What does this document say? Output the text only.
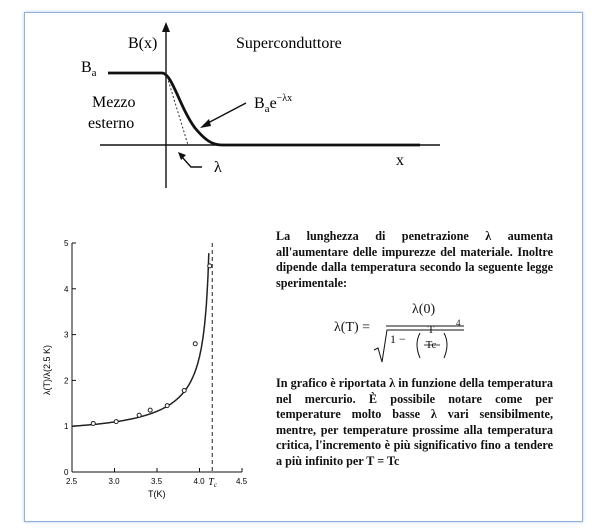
B(x)	Superconduttore
$B_a$
Mezzo
esterno
$B_ae^{-\lambda x}$
λ	x
2.5	3.0	3.5	4.0	4.5
0
1
2
3
4
5
T(K)
λ(T)/λ(2.5 K)
$T_c$
La lunghezza di penetrazione λ aumenta all'aumentare delle impurezze del materiale. Inoltre dipende dalla temperatura secondo la seguente legge sperimentale:
λ(T) =
λ(0)
1 −
T
Tc
4
In grafico è riportata λ in funzione della temperatura nel mercurio. È possibile notare come per temperature molto basse λ vari sensibilmente, mentre, per temperature prossime alla temperatura critica, l'incremento è più significativo fino a tendere a più infinito per T = Tc
